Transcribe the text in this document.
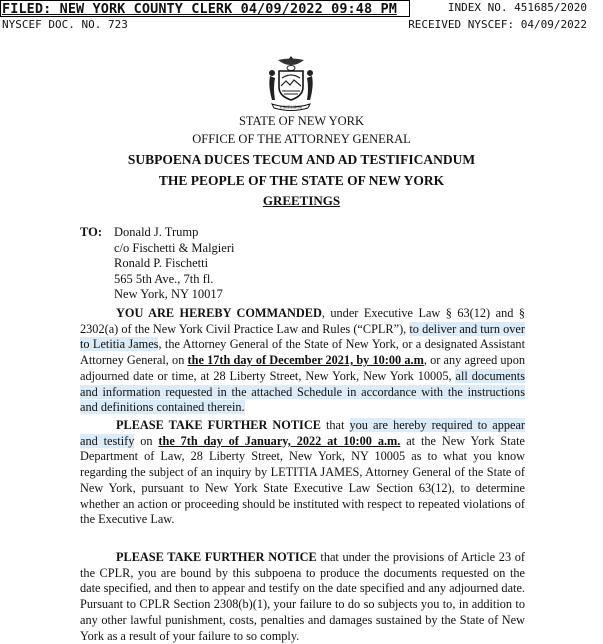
FILED: NEW YORK COUNTY CLERK 04/09/2022 09:48 PM	INDEX NO. 451685/2020
NYSCEF DOC. NO. 723	RECEIVED NYSCEF: 04/09/2022
EXCELSIOR
STATE OF NEW YORK
OFFICE OF THE ATTORNEY GENERAL
SUBPOENA DUCES TECUM AND AD TESTIFICANDUM
THE PEOPLE OF THE STATE OF NEW YORK
GREETINGS
TO: Donald J. Trump
c/o Fischetti & Malgieri
Ronald P. Fischetti
565 5th Ave., 7th fl.
New York, NY 10017
YOU ARE HEREBY COMMANDED, under Executive Law § 63(12) and § 2302(a) of the New York Civil Practice Law and Rules (“CPLR”), to deliver and turn over to Letitia James, the Attorney General of the State of New York, or a designated Assistant Attorney General, on the 17th day of December 2021, by 10:00 a.m, or any agreed upon adjourned date or time, at 28 Liberty Street, New York, New York 10005, all documents and information requested in the attached Schedule in accordance with the instructions and definitions contained therein.
PLEASE TAKE FURTHER NOTICE that you are hereby required to appear and testify on the 7th day of January, 2022 at 10:00 a.m. at the New York State Department of Law, 28 Liberty Street, New York, NY 10005 as to what you know regarding the subject of an inquiry by LETITIA JAMES, Attorney General of the State of New York, pursuant to New York State Executive Law Section 63(12), to determine whether an action or proceeding should be instituted with respect to repeated violations of the Executive Law.
PLEASE TAKE FURTHER NOTICE that under the provisions of Article 23 of the CPLR, you are bound by this subpoena to produce the documents requested on the date specified, and then to appear and testify on the date specified and any adjourned date. Pursuant to CPLR Section 2308(b)(1), your failure to do so subjects you to, in addition to any other lawful punishment, costs, penalties and damages sustained by the State of New York as a result of your failure to so comply.
